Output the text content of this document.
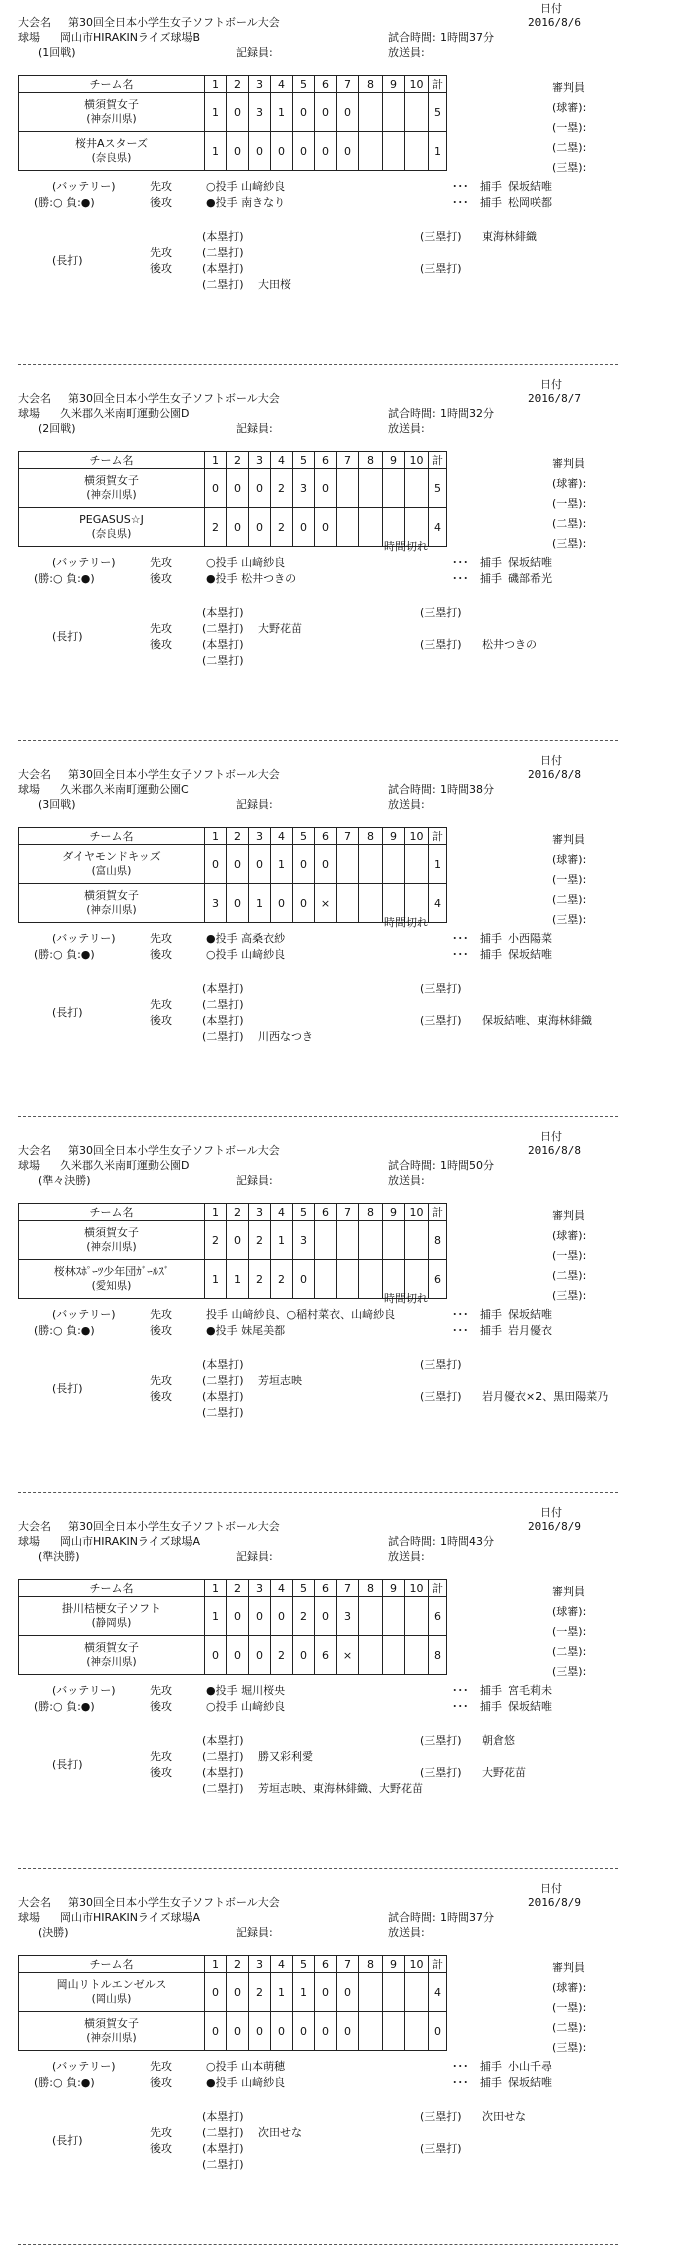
日付
大会名 第30回全日本小学生女子ソフトボール大会	2016/8/6
球場 岡山市HIRAKINライズ球場B	試合時間: 1時間37分
(1回戦)	記録員:	放送員:
チーム名	1	2	3	4	5	6	7	8	9	10	計

横須賀女子
(神奈川県)	1	0	3	1	0	0	0				5

桜井Aスターズ
(奈良県)	1	0	0	0	0	0	0				1
審判員
(球審):
(一塁):
(二塁):
(三塁):
(バッテリー)	先攻	○投手 山﨑紗良	･･･ 捕手 保坂結唯
(勝:○ 負:●)	後攻	●投手 南きなり	･･･ 捕手 松岡咲都
(本塁打)	(三塁打) 東海林緋織
先攻	(二塁打)
(長打)
後攻	(本塁打)	(三塁打)
(二塁打) 大田桜
日付
大会名 第30回全日本小学生女子ソフトボール大会	2016/8/7
球場 久米郡久米南町運動公園D	試合時間: 1時間32分
(2回戦)	記録員:	放送員:
チーム名	1	2	3	4	5	6	7	8	9	10	計

横須賀女子
(神奈川県)	0	0	0	2	3	0					5

PEGASUS☆J
(奈良県)	2	0	0	2	0	0					4
審判員
(球審):
(一塁):
(二塁):
(三塁):
時間切れ
(バッテリー)	先攻	○投手 山﨑紗良	･･･ 捕手 保坂結唯
(勝:○ 負:●)	後攻	●投手 松井つきの	･･･ 捕手 磯部希光
(本塁打)	(三塁打)
先攻	(二塁打) 大野花苗
(長打)
後攻	(本塁打)	(三塁打) 松井つきの
(二塁打)
日付
大会名 第30回全日本小学生女子ソフトボール大会	2016/8/8
球場 久米郡久米南町運動公園C	試合時間: 1時間38分
(3回戦)	記録員:	放送員:
チーム名	1	2	3	4	5	6	7	8	9	10	計

ダイヤモンドキッズ
(富山県)	0	0	0	1	0	0					1

横須賀女子
(神奈川県)	3	0	1	0	0	×					4
審判員
(球審):
(一塁):
(二塁):
(三塁):
時間切れ
(バッテリー)	先攻	●投手 高桑衣紗	･･･ 捕手 小西陽菜
(勝:○ 負:●)	後攻	○投手 山﨑紗良	･･･ 捕手 保坂結唯
(本塁打)	(三塁打)
先攻	(二塁打)
(長打)
後攻	(本塁打)	(三塁打) 保坂結唯、東海林緋織
(二塁打) 川西なつき
日付
大会名 第30回全日本小学生女子ソフトボール大会	2016/8/8
球場 久米郡久米南町運動公園D	試合時間: 1時間50分
(準々決勝)	記録員:	放送員:
チーム名	1	2	3	4	5	6	7	8	9	10	計

横須賀女子
(神奈川県)	2	0	2	1	3						8

桜林ｽﾎﾟｰﾂ少年団ｶﾞｰﾙｽﾞ
(愛知県)	1	1	2	2	0						6
審判員
(球審):
(一塁):
(二塁):
(三塁):
時間切れ
(バッテリー)	先攻	投手 山﨑紗良、○稲村菜衣、山﨑紗良	･･･ 捕手 保坂結唯
(勝:○ 負:●)	後攻	●投手 妹尾美都	･･･ 捕手 岩月優衣
(本塁打)	(三塁打)
先攻	(二塁打) 芳垣志映
(長打)
後攻	(本塁打)	(三塁打) 岩月優衣×2、黒田陽菜乃
(二塁打)
日付
大会名 第30回全日本小学生女子ソフトボール大会	2016/8/9
球場 岡山市HIRAKINライズ球場A	試合時間: 1時間43分
(準決勝)	記録員:	放送員:
チーム名	1	2	3	4	5	6	7	8	9	10	計

掛川桔梗女子ソフト
(静岡県)	1	0	0	0	2	0	3				6

横須賀女子
(神奈川県)	0	0	0	2	0	6	×				8
審判員
(球審):
(一塁):
(二塁):
(三塁):
(バッテリー)	先攻	●投手 堀川桜央	･･･ 捕手 宮毛莉未
(勝:○ 負:●)	後攻	○投手 山﨑紗良	･･･ 捕手 保坂結唯
(本塁打)	(三塁打) 朝倉悠
先攻	(二塁打) 勝又彩利愛
(長打)
後攻	(本塁打)	(三塁打) 大野花苗
(二塁打) 芳垣志映、東海林緋織、大野花苗
日付
大会名 第30回全日本小学生女子ソフトボール大会	2016/8/9
球場 岡山市HIRAKINライズ球場A	試合時間: 1時間37分
(決勝)	記録員:	放送員:
チーム名	1	2	3	4	5	6	7	8	9	10	計

岡山リトルエンゼルス
(岡山県)	0	0	2	1	1	0	0				4

横須賀女子
(神奈川県)	0	0	0	0	0	0	0				0
審判員
(球審):
(一塁):
(二塁):
(三塁):
(バッテリー)	先攻	○投手 山本萌穂	･･･ 捕手 小山千尋
(勝:○ 負:●)	後攻	●投手 山﨑紗良	･･･ 捕手 保坂結唯
(本塁打)	(三塁打) 次田せな
先攻	(二塁打) 次田せな
(長打)
後攻	(本塁打)	(三塁打)
(二塁打)
